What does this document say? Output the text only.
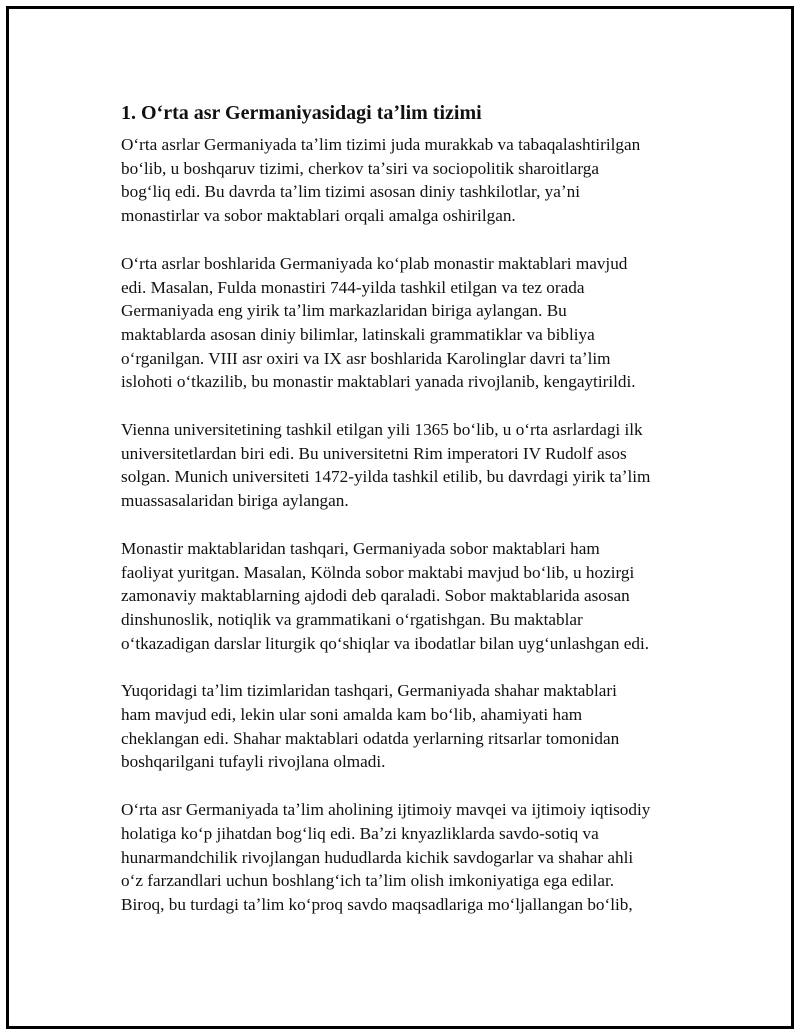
1. Oʻrta asr Germaniyasidagi taʼlim tizimi
Oʻrta asrlar Germaniyada taʼlim tizimi juda murakkab va tabaqalashtirilgan
boʻlib, u boshqaruv tizimi, cherkov taʼsiri va sociopolitik sharoitlarga
bogʻliq edi. Bu davrda taʼlim tizimi asosan diniy tashkilotlar, yaʼni
monastirlar va sobor maktablari orqali amalga oshirilgan.
Oʻrta asrlar boshlarida Germaniyada koʻplab monastir maktablari mavjud
edi. Masalan, Fulda monastiri 744-yilda tashkil etilgan va tez orada
Germaniyada eng yirik taʼlim markazlaridan biriga aylangan. Bu
maktablarda asosan diniy bilimlar, latinskali grammatiklar va bibliya
oʻrganilgan. VIII asr oxiri va IX asr boshlarida Karolinglar davri taʼlim
islohoti oʻtkazilib, bu monastir maktablari yanada rivojlanib, kengaytirildi.
Vienna universitetining tashkil etilgan yili 1365 boʻlib, u oʻrta asrlardagi ilk
universitetlardan biri edi. Bu universitetni Rim imperatori IV Rudolf asos
solgan. Munich universiteti 1472-yilda tashkil etilib, bu davrdagi yirik taʼlim
muassasalaridan biriga aylangan.
Monastir maktablaridan tashqari, Germaniyada sobor maktablari ham
faoliyat yuritgan. Masalan, Kölnda sobor maktabi mavjud boʻlib, u hozirgi
zamonaviy maktablarning ajdodi deb qaraladi. Sobor maktablarida asosan
dinshunoslik, notiqlik va grammatikani oʻrgatishgan. Bu maktablar
oʻtkazadigan darslar liturgik qoʻshiqlar va ibodatlar bilan uygʻunlashgan edi.
Yuqoridagi taʼlim tizimlaridan tashqari, Germaniyada shahar maktablari
ham mavjud edi, lekin ular soni amalda kam boʻlib, ahamiyati ham
cheklangan edi. Shahar maktablari odatda yerlarning ritsarlar tomonidan
boshqarilgani tufayli rivojlana olmadi.
Oʻrta asr Germaniyada taʼlim aholining ijtimoiy mavqei va ijtimoiy iqtisodiy
holatiga koʻp jihatdan bogʻliq edi. Baʼzi knyazliklarda savdo-sotiq va
hunarmandchilik rivojlangan hududlarda kichik savdogarlar va shahar ahli
oʻz farzandlari uchun boshlangʻich taʼlim olish imkoniyatiga ega edilar.
Biroq, bu turdagi taʼlim koʻproq savdo maqsadlariga moʻljallangan boʻlib,
